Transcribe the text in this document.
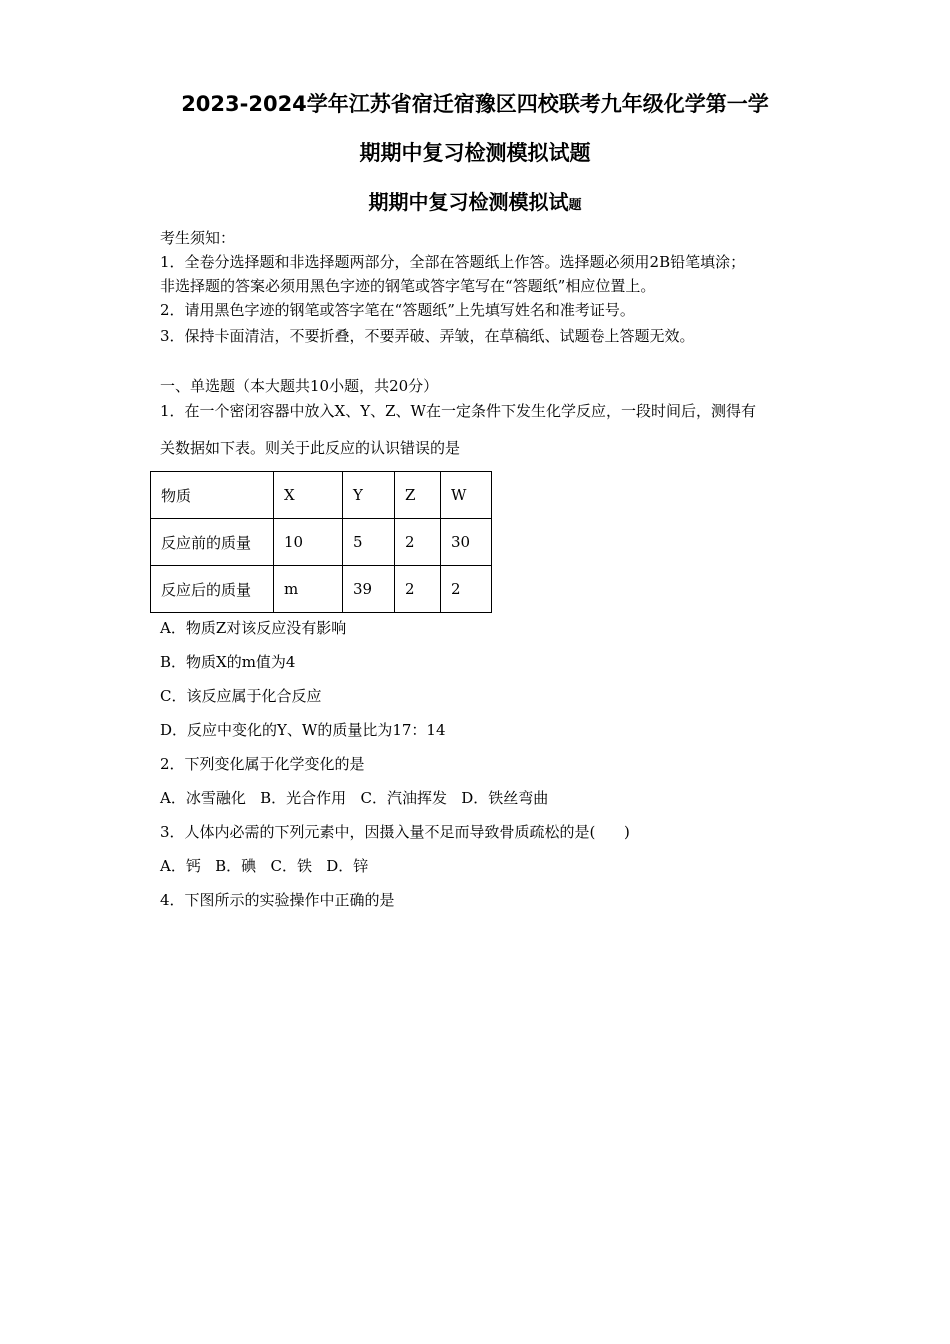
2023-2024学年江苏省宿迁宿豫区四校联考九年级化学第一学
期期中复习检测模拟试题
期期中复习检测模拟试题
考生须知：
1．全卷分选择题和非选择题两部分，全部在答题纸上作答。选择题必须用2B铅笔填涂；
非选择题的答案必须用黑色字迹的钢笔或答字笔写在“答题纸”相应位置上。
2．请用黑色字迹的钢笔或答字笔在“答题纸”上先填写姓名和准考证号。
3．保持卡面清洁，不要折叠，不要弄破、弄皱，在草稿纸、试题卷上答题无效。
一、单选题（本大题共10小题，共20分）
1．在一个密闭容器中放入X、Y、Z、W在一定条件下发生化学反应，一段时间后，测得有
关数据如下表。则关于此反应的认识错误的是
物质	X	Y	Z	W
反应前的质量	10	5	2	30
反应后的质量	m	39	2	2
A．物质Z对该反应没有影响
B．物质X的m值为4
C．该反应属于化合反应
D．反应中变化的Y、W的质量比为17：14
2．下列变化属于化学变化的是
A．冰雪融化   B．光合作用   C．汽油挥发   D．铁丝弯曲
3．人体内必需的下列元素中，因摄入量不足而导致骨质疏松的是(      )
A．钙   B．碘   C．铁   D．锌
4．下图所示的实验操作中正确的是
